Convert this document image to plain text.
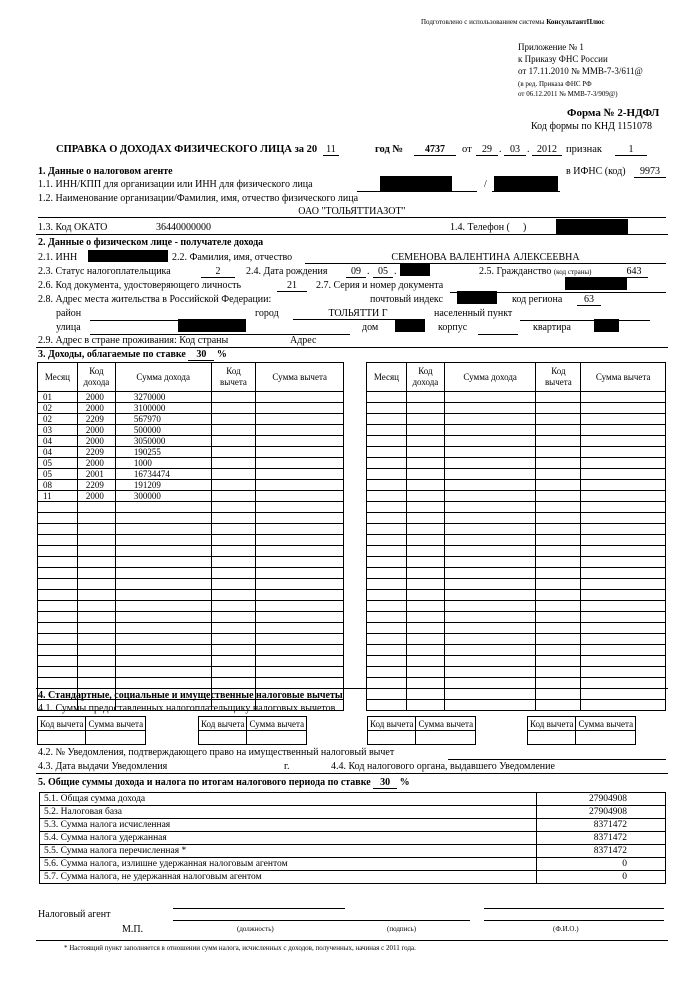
Подготовлено с использованием системы КонсультантПлюс
Приложение № 1
к Приказу ФНС России
от 17.11.2010 № ММВ-7-3/611@
(в ред. Приказа ФНС РФ
от 06.12.2011 № ММВ-7-3/909@)
Форма № 2-НДФЛ
Код формы по КНД 1151078
СПРАВКА О ДОХОДАХ ФИЗИЧЕСКОГО ЛИЦА за 20 11	год №	4737	от	29 . 03 . 2012 признак	1
1. Данные о налоговом агенте	в ИФНС (код)	9973
1.1. ИНН/КПП для организации или ИНН для физического лица	/
1.2. Наименование организации/Фамилия, имя, отчество физического лица
ОАО "ТОЛЬЯТТИАЗОТ"
1.3. Код ОКАТО	36440000000	1.4. Телефон ( )
2. Данные о физическом лице - получателе дохода
2.1. ИНН	2.2. Фамилия, имя, отчество	СЕМЕНОВА ВАЛЕНТИНА АЛЕКСЕЕВНА
2.3. Статус налогоплательщика	2	2.4. Дата рождения	09 . 05 .	2.5. Гражданство (код страны)	643
2.6. Код документа, удостоверяющего личность	21	2.7. Серия и номер документа
2.8. Адрес места жительства в Российской Федерации:	почтовый индекс	код региона	63
район	город	ТОЛЬЯТТИ Г	населенный пункт
улица	дом	корпус	квартира
2.9. Адрес в стране проживания: Код страны	Адрес
3. Доходы, облагаемые по ставке 30 %
Месяц	Код дохода	Сумма дохода	Код вычета	Сумма вычета
01	2000	3270000		
02	2000	3100000		
02	2209	567970		
03	2000	500000		
04	2000	3050000		
04	2209	190255		
05	2000	1000		
05	2001	16734474		
08	2209	191209		
11	2000	300000		

Месяц	Код дохода	Сумма дохода	Код вычета	Сумма вычета

4. Стандартные, социальные и имущественные налоговые вычеты
4.1. Суммы предоставленных налогоплательщику налоговых вычетов
Код вычета	Сумма вычета
		Код вычета	Сумма вычета
		Код вычета	Сумма вычета
		Код вычета	Сумма вычета

4.2. № Уведомления, подтверждающего право на имущественный налоговый вычет
4.3. Дата выдачи Уведомления	г.	4.4. Код налогового органа, выдавшего Уведомление
5. Общие суммы дохода и налога по итогам налогового периода по ставке 30 %
5.1. Общая сумма дохода	27904908
5.2. Налоговая база	27904908
5.3. Сумма налога исчисленная	8371472
5.4. Сумма налога удержанная	8371472
5.5. Сумма налога перечисленная *	8371472
5.6. Сумма налога, излишне удержанная налоговым агентом	0
5.7. Сумма налога, не удержанная налоговым агентом	0
Налоговый агент
М.П.	(должность)	(подпись)	(Ф.И.О.)
* Настоящий пункт заполняется в отношении сумм налога, исчисленных с доходов, полученных, начиная с 2011 года.
